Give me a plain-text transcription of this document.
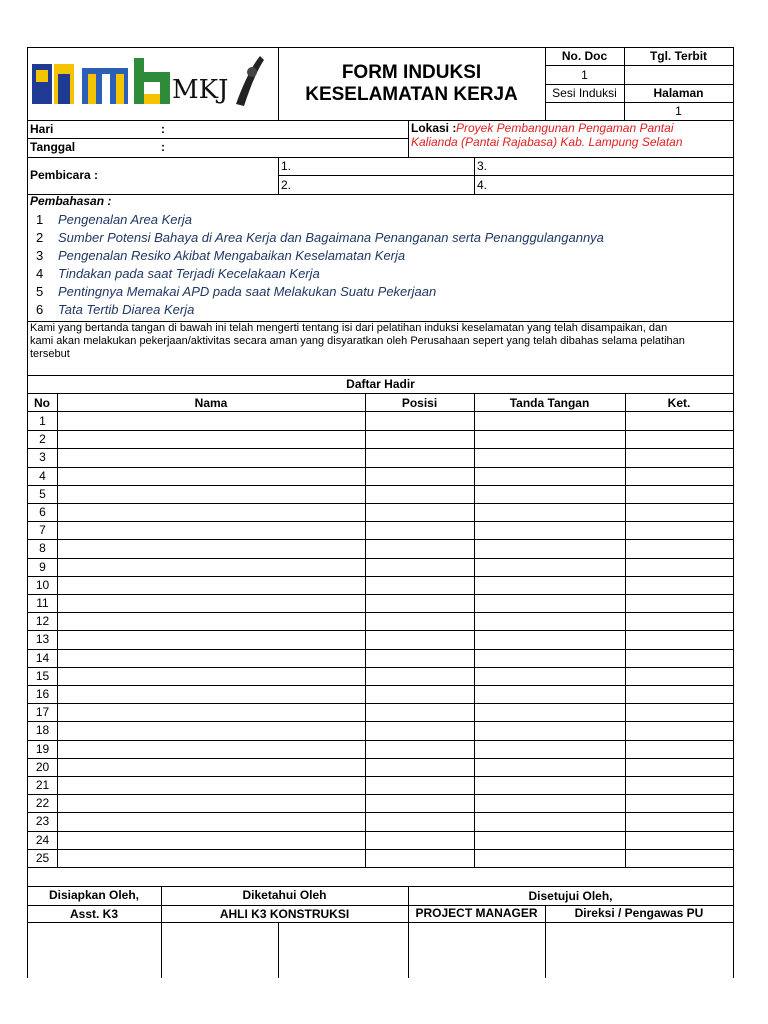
MKJ
FORM INDUKSI
KESELAMATAN KERJA
No. Doc	Tgl. Terbit
1
Sesi Induksi	Halaman
1
Hari	:
Tanggal	:
Lokasi : Proyek Pembangunan Pengaman Pantai
Kalianda (Pantai Rajabasa) Kab. Lampung Selatan
Pembicara :
1.
2.
3.
4.
Pembahasan :
1 Pengenalan Area Kerja
2 Sumber Potensi Bahaya di Area Kerja dan Bagaimana Penanganan serta Penanggulangannya
3 Pengenalan Resiko Akibat Mengabaikan Keselamatan Kerja
4 Tindakan pada saat Terjadi Kecelakaan Kerja
5 Pentingnya Memakai APD pada saat Melakukan Suatu Pekerjaan
6 Tata Tertib Diarea Kerja
Kami yang bertanda tangan di bawah ini telah mengerti tentang isi dari pelatihan induksi keselamatan yang telah disampaikan, dan
kami akan melakukan pekerjaan/aktivitas secara aman yang disyaratkan oleh Perusahaan sepert yang telah dibahas selama pelatihan
tersebut
Daftar Hadir
No	Nama	Posisi	Tanda Tangan	Ket.
1
2
3
4
5
6
7
8
9
10
11
12
13
14
15
16
17
18
19
20
21
22
23
24
25
Disiapkan Oleh,	Diketahui Oleh	Disetujui Oleh,
Asst. K3	AHLI K3 KONSTRUKSI	PROJECT MANAGER	Direksi / Pengawas PU
